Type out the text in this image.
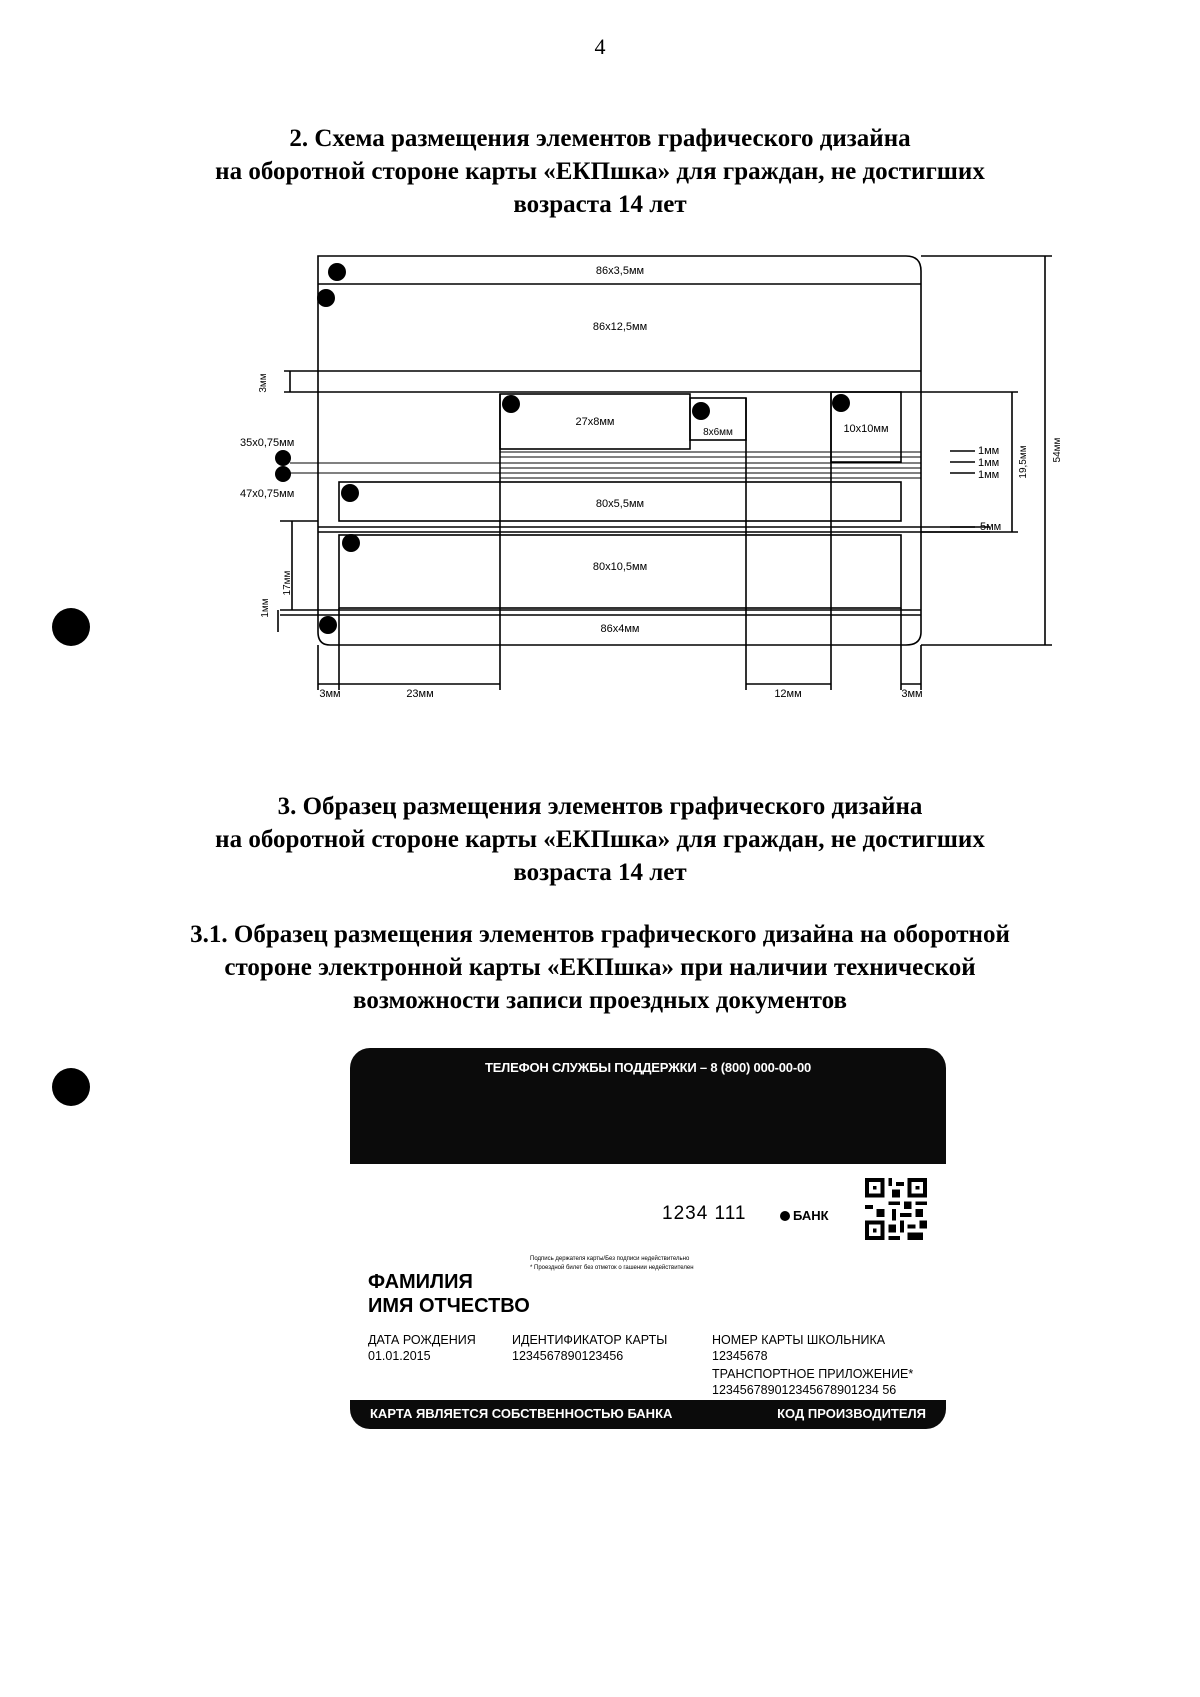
4
2. Схема размещения элементов графического дизайна
на оборотной стороне карты «ЕКПшка» для граждан, не достигших
возраста 14 лет
1
2
3
4	5
6
7
8
9
10
86x3,5мм
86x12,5мм
27x8мм
8x6мм	10x10мм
80x5,5мм
80x10,5мм
86x4мм
35x0,75мм
47x0,75мм
3мм	23мм	12мм	3мм
1мм
1мм
1мм
5мм
3мм
17мм
1мм
19,5мм 54мм
3. Образец размещения элементов графического дизайна
на оборотной стороне карты «ЕКПшка» для граждан, не достигших
возраста 14 лет
3.1. Образец размещения элементов графического дизайна на оборотной
стороне электронной карты «ЕКПшка» при наличии технической
возможности записи проездных документов
ТЕЛЕФОН СЛУЖБЫ ПОДДЕРЖКИ – 8 (800) 000-00-00
1234 111	БАНК
Подпись держателя карты/Без подписи недействительно
* Проездной билет без отметок о гашении недействителен
ФАМИЛИЯ
ИМЯ ОТЧЕСТВО
ДАТА РОЖДЕНИЯ
01.01.2015
ИДЕНТИФИКАТОР КАРТЫ
1234567890123456
НОМЕР КАРТЫ ШКОЛЬНИКА
12345678
ТРАНСПОРТНОЕ ПРИЛОЖЕНИЕ*
123456789012345678901234 56
КАРТА ЯВЛЯЕТСЯ СОБСТВЕННОСТЬЮ БАНКА	КОД ПРОИЗВОДИТЕЛЯ
